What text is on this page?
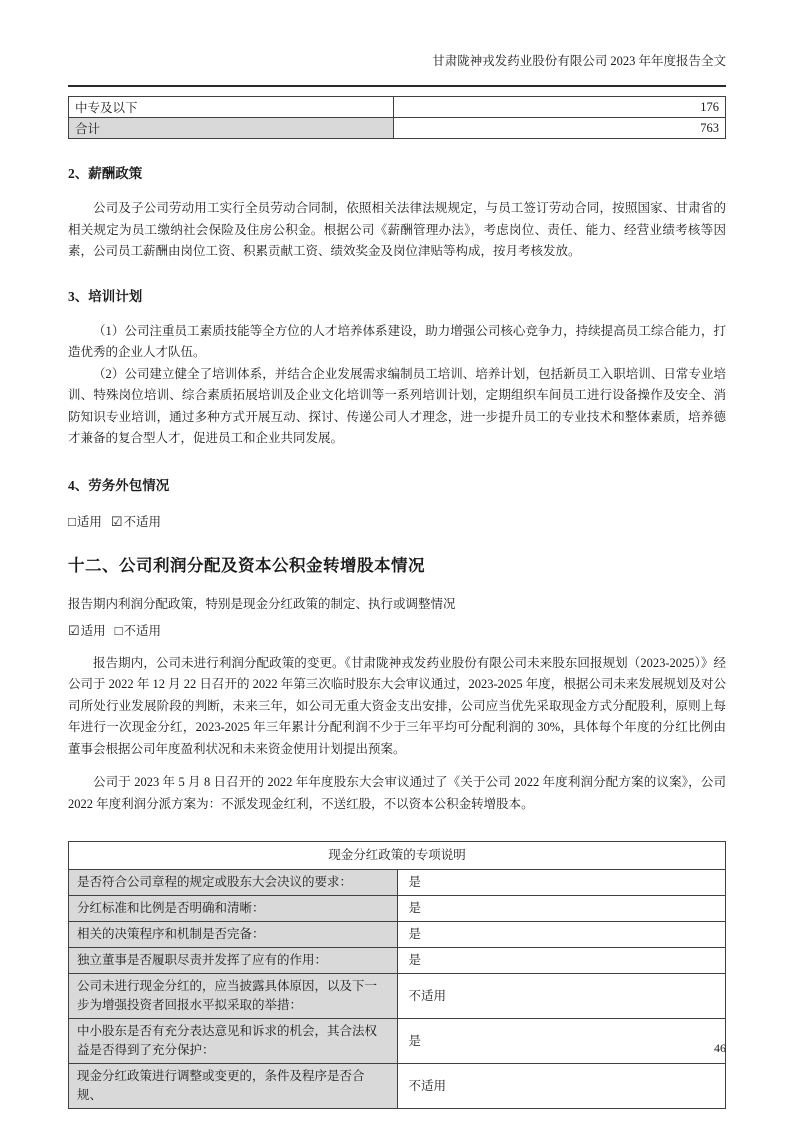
甘肃陇神戎发药业股份有限公司 2023 年年度报告全文
中专及以下	176
合计	763
2、薪酬政策

公司及子公司劳动用工实行全员劳动合同制，依照相关法律法规规定，与员工签订劳动合同，按照国家、甘肃省的相关规定为员工缴纳社会保险及住房公积金。根据公司《薪酬管理办法》，考虑岗位、责任、能力、经营业绩考核等因素，公司员工薪酬由岗位工资、积累贡献工资、绩效奖金及岗位津贴等构成，按月考核发放。

3、培训计划

（1）公司注重员工素质技能等全方位的人才培养体系建设，助力增强公司核心竞争力，持续提高员工综合能力，打造优秀的企业人才队伍。

（2）公司建立健全了培训体系，并结合企业发展需求编制员工培训、培养计划，包括新员工入职培训、日常专业培训、特殊岗位培训、综合素质拓展培训及企业文化培训等一系列培训计划，定期组织车间员工进行设备操作及安全、消防知识专业培训，通过多种方式开展互动、探讨、传递公司人才理念，进一步提升员工的专业技术和整体素质，培养德才兼备的复合型人才，促进员工和企业共同发展。

4、劳务外包情况
□适用 ☑不适用
十二、公司利润分配及资本公积金转增股本情况
报告期内利润分配政策，特别是现金分红政策的制定、执行或调整情况
☑适用 □不适用

报告期内，公司未进行利润分配政策的变更。《甘肃陇神戎发药业股份有限公司未来股东回报规划（2023-2025）》经公司于 2022 年 12 月 22 日召开的 2022 年第三次临时股东大会审议通过，2023-2025 年度，根据公司未来发展规划及对公司所处行业发展阶段的判断，未来三年，如公司无重大资金支出安排，公司应当优先采取现金方式分配股利，原则上每年进行一次现金分红，2023-2025 年三年累计分配利润不少于三年平均可分配利润的 30%，具体每个年度的分红比例由董事会根据公司年度盈利状况和未来资金使用计划提出预案。

公司于 2023 年 5 月 8 日召开的 2022 年年度股东大会审议通过了《关于公司 2022 年度利润分配方案的议案》，公司 2022 年度利润分派方案为：不派发现金红利，不送红股，不以资本公积金转增股本。

现金分红政策的专项说明	
是否符合公司章程的规定或股东大会决议的要求：	是
分红标准和比例是否明确和清晰：	是
相关的决策程序和机制是否完备：	是
独立董事是否履职尽责并发挥了应有的作用：	是
公司未进行现金分红的，应当披露具体原因，以及下一步为增强投资者回报水平拟采取的举措：	不适用
中小股东是否有充分表达意见和诉求的机会，其合法权益是否得到了充分保护：	是
现金分红政策进行调整或变更的，条件及程序是否合规、	不适用
46
